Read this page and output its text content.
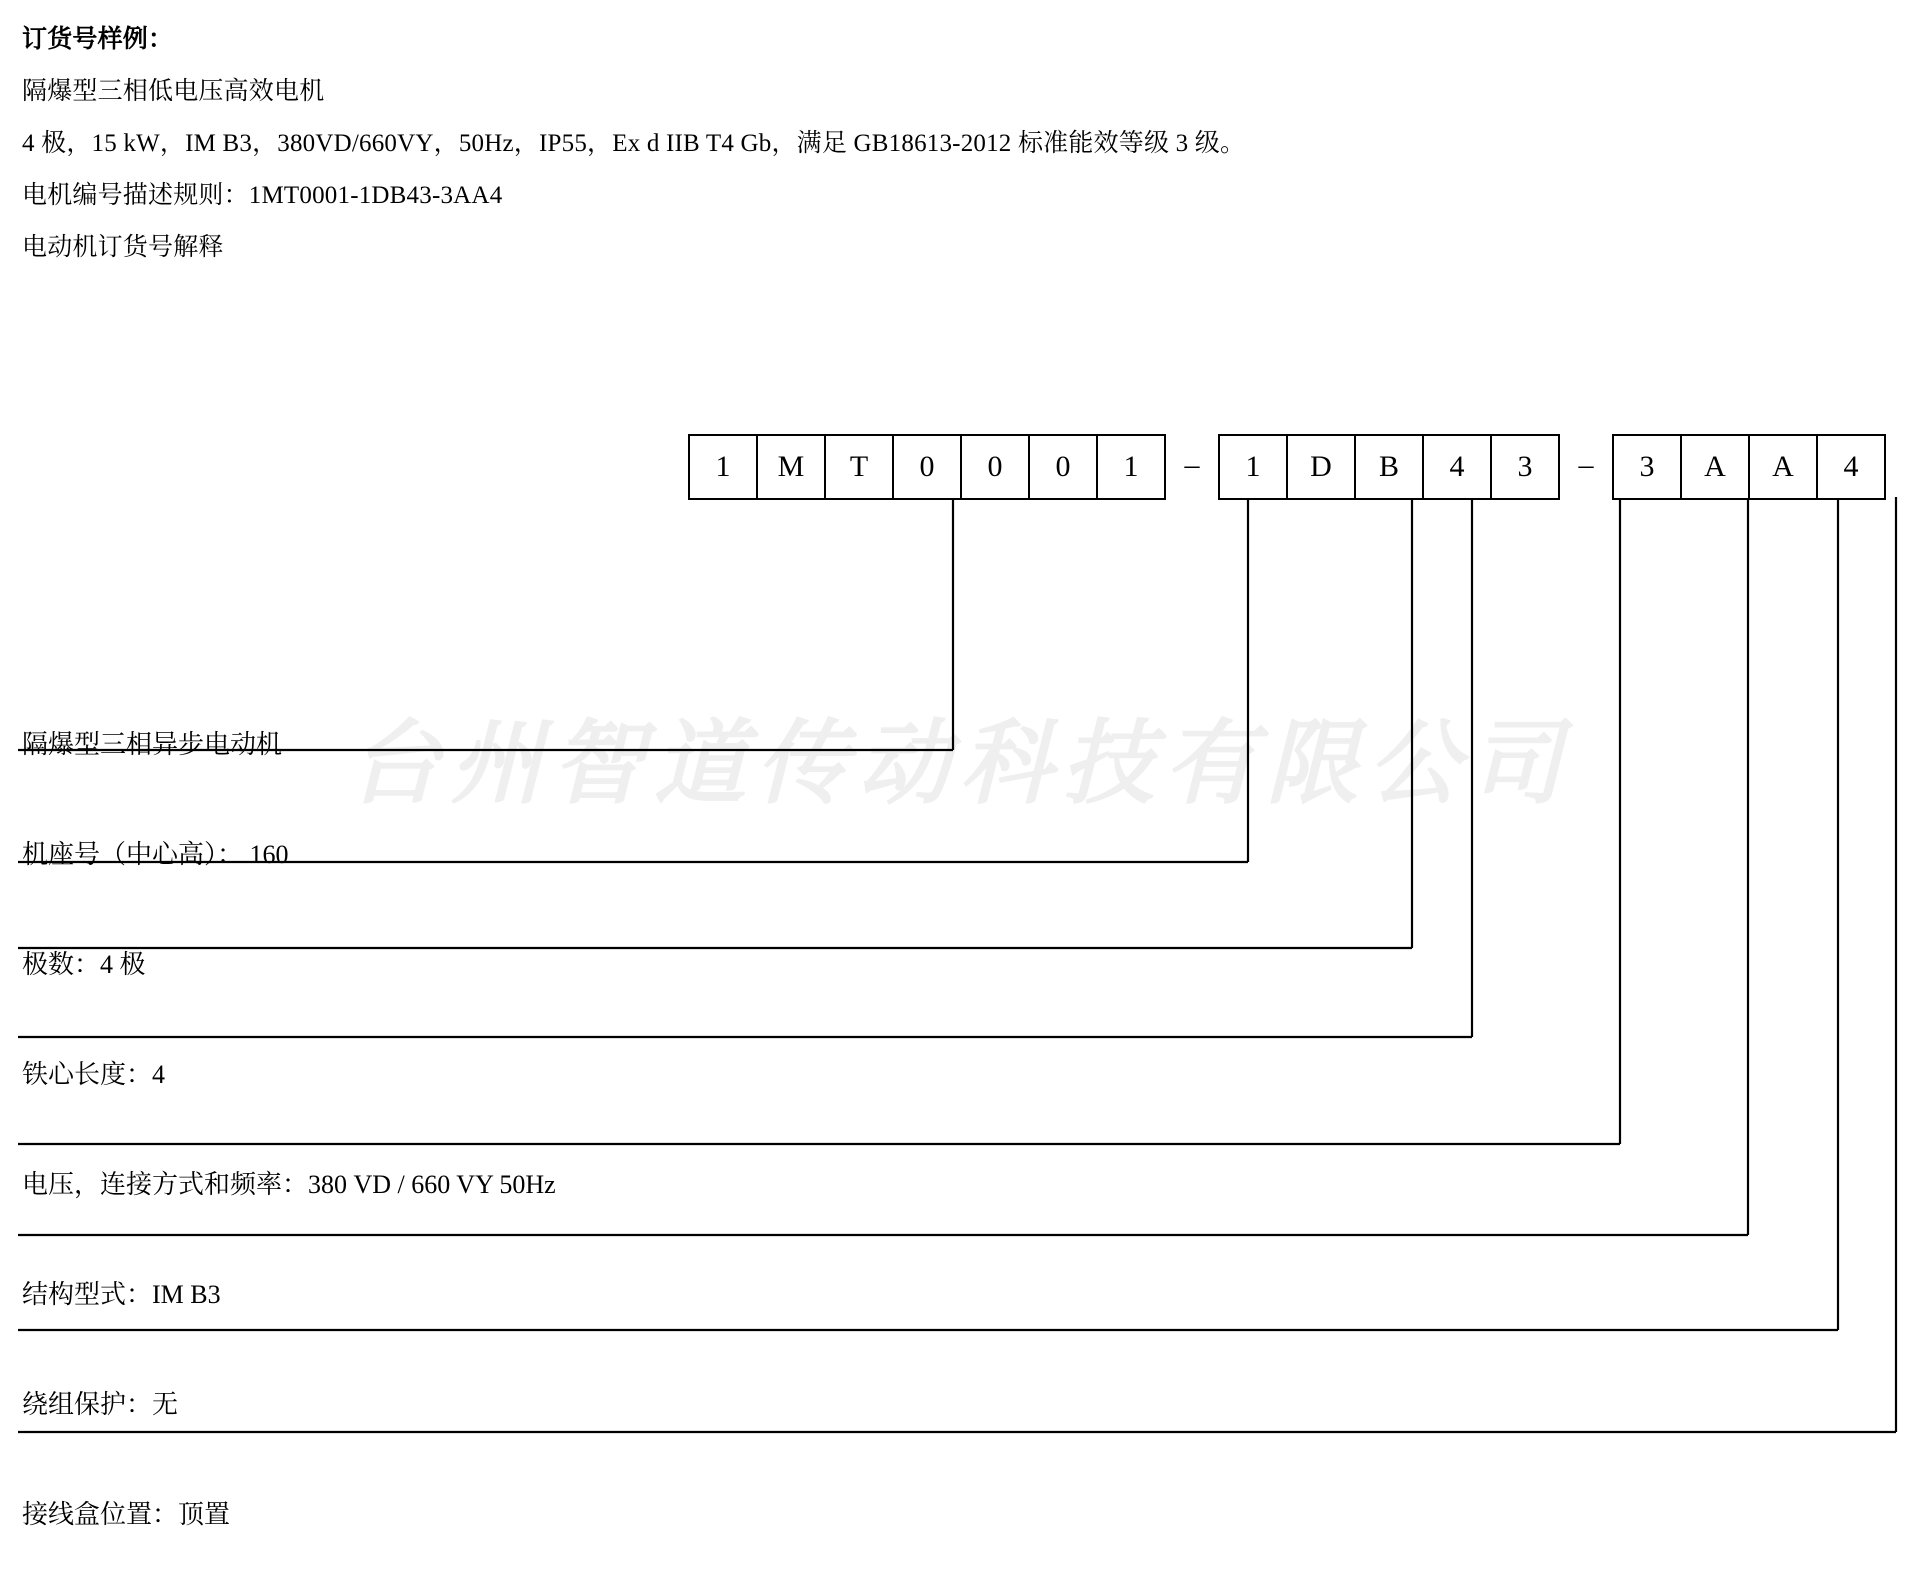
订货号样例：
隔爆型三相低电压高效电机
4 极，15 kW，IM B3，380VD/660VY，50Hz，IP55，Ex d IIB T4 Gb，满足 GB18613-2012 标准能效等级 3 级。
电机编号描述规则：1MT0001-1DB43-3AA4
电动机订货号解释
台州智道传动科技有限公司
1	M	T	0	0	0	1	–	1	D	B	4	3	–	3	A	A	4
隔爆型三相异步电动机
机座号（中心高）： 160
极数：4 极
铁心长度：4
电压，连接方式和频率：380 VD / 660 VY 50Hz
结构型式：IM B3
绕组保护：无
接线盒位置：顶置
